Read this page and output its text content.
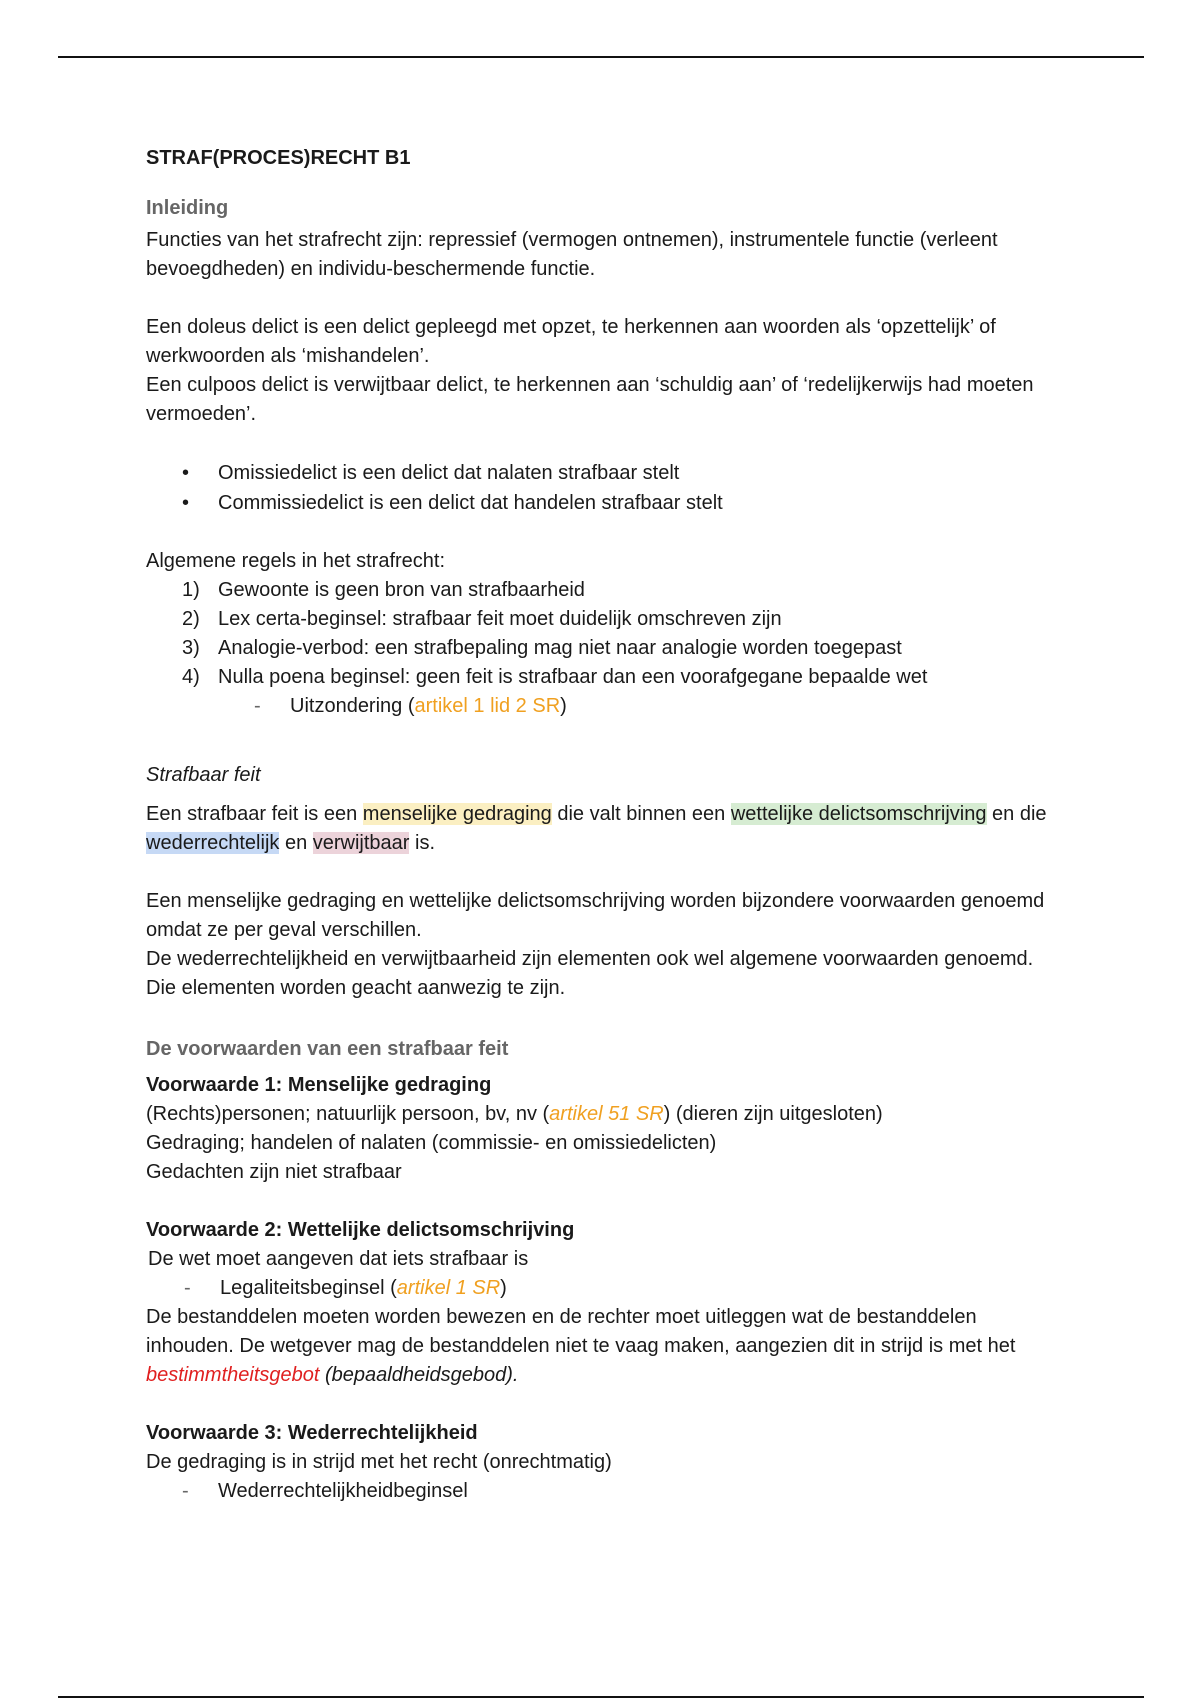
STRAF(PROCES)RECHT B1
Inleiding

Functies van het strafrecht zijn: repressief (vermogen ontnemen), instrumentele functie (verleent bevoegdheden) en individu-beschermende functie.

Een doleus delict is een delict gepleegd met opzet, te herkennen aan woorden als ‘opzettelijk’ of werkwoorden als ‘mishandelen’.

Een culpoos delict is verwijtbaar delict, te herkennen aan ‘schuldig aan’ of ‘redelijkerwijs had moeten vermoeden’.

• Omissiedelict is een delict dat nalaten strafbaar stelt
• Commissiedelict is een delict dat handelen strafbaar stelt

Algemene regels in het strafrecht:

1) Gewoonte is geen bron van strafbaarheid
2) Lex certa-beginsel: strafbaar feit moet duidelijk omschreven zijn
3) Analogie-verbod: een strafbepaling mag niet naar analogie worden toegepast
4) Nulla poena beginsel: geen feit is strafbaar dan een voorafgegane bepaalde wet
- Uitzondering (artikel 1 lid 2 SR)
Strafbaar feit

Een strafbaar feit is een menselijke gedraging die valt binnen een wettelijke delictsomschrijving en die wederrechtelijk en verwijtbaar is.

Een menselijke gedraging en wettelijke delictsomschrijving worden bijzondere voorwaarden genoemd omdat ze per geval verschillen.

De wederrechtelijkheid en verwijtbaarheid zijn elementen ook wel algemene voorwaarden genoemd. Die elementen worden geacht aanwezig te zijn.

De voorwaarden van een strafbaar feit
Voorwaarde 1: Menselijke gedraging

(Rechts)personen; natuurlijk persoon, bv, nv (artikel 51 SR) (dieren zijn uitgesloten)

Gedraging; handelen of nalaten (commissie- en omissiedelicten)

Gedachten zijn niet strafbaar

Voorwaarde 2: Wettelijke delictsomschrijving

De wet moet aangeven dat iets strafbaar is

- Legaliteitsbeginsel (artikel 1 SR)

De bestanddelen moeten worden bewezen en de rechter moet uitleggen wat de bestanddelen inhouden. De wetgever mag de bestanddelen niet te vaag maken, aangezien dit in strijd is met het bestimmtheitsgebot (bepaaldheidsgebod).

Voorwaarde 3: Wederrechtelijkheid

De gedraging is in strijd met het recht (onrechtmatig)

- Wederrechtelijkheidbeginsel
